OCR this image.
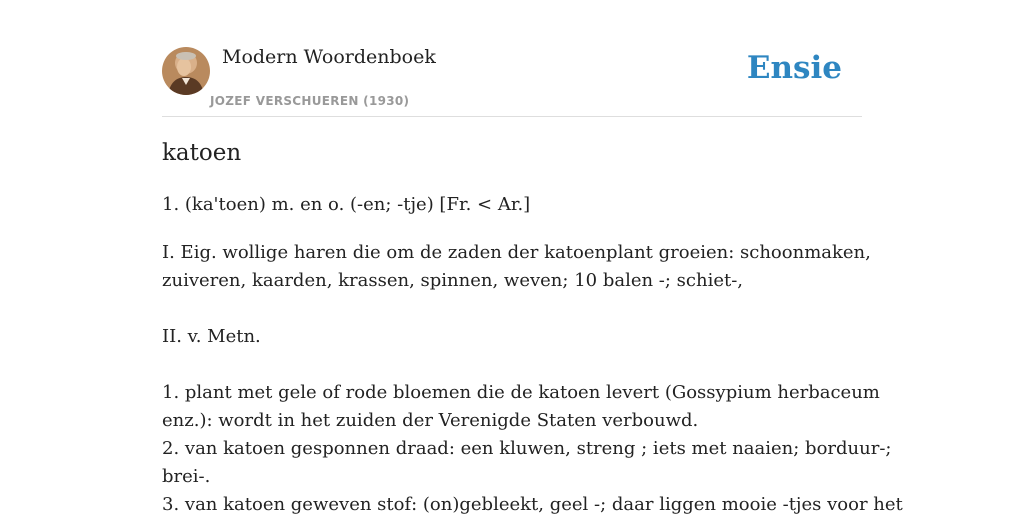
Modern Woordenboek
JOZEF VERSCHUEREN (1930)
Ensie
katoen
1. (ka'toen) m. en o. (-en; -tje) [Fr. < Ar.]
I. Eig. wollige haren die om de zaden der katoenplant groeien: schoonmaken,
zuiveren, kaarden, krassen, spinnen, weven; 10 balen -; schiet-,
II. v. Metn.
1. plant met gele of rode bloemen die de katoen levert (Gossypium herbaceum
enz.): wordt in het zuiden der Verenigde Staten verbouwd.
2. van katoen gesponnen draad: een kluwen, streng ; iets met naaien; borduur-;
brei-.
3. van katoen geweven stof: (on)gebleekt, geel -; daar liggen mooie -tjes voor het
